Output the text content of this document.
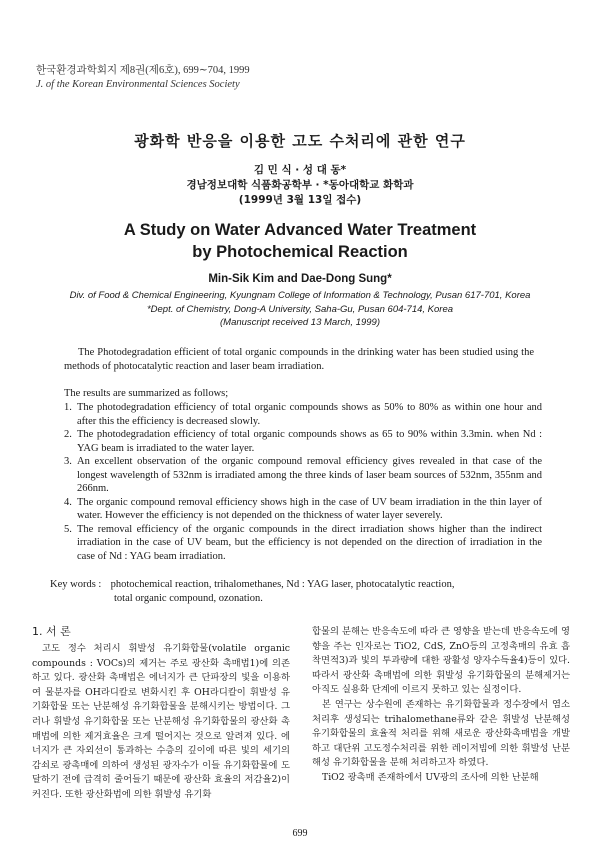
한국환경과학회지 제8권(제6호), 699∼704, 1999
J. of the Korean Environmental Sciences Society
광화학 반응을 이용한 고도 수처리에 관한 연구
김 민 식 · 성 대 동*
경남정보대학 식품화공학부 · *동아대학교 화학과
(1999년 3월 13일 접수)
A Study on Water Advanced Water Treatment
by Photochemical Reaction
Min-Sik Kim and Dae-Dong Sung*
Div. of Food & Chemical Engineering, Kyungnam College of Information & Technology, Pusan 617-701, Korea
*Dept. of Chemistry, Dong-A University, Saha-Gu, Pusan 604-714, Korea
(Manuscript received 13 March, 1999)

The Photodegradation efficient of total organic compounds in the drinking water has been studied using the methods of photocatalytic reaction and laser beam irradiation.

The results are summarized as follows;
1. The photodegradation efficiency of total organic compounds shows as 50% to 80% as within one hour and after this the efficiency is decreased slowly.
2. The photodegradation efficiency of total organic compounds shows as 65 to 90% within 3.3min. when Nd : YAG beam is irradiated to the water layer.
3. An excellent observation of the organic compound removal efficiency gives revealed in that case of the longest wavelength of 532nm is irradiated among the three kinds of laser beam sources of 532nm, 355nm and 266nm.
4. The organic compound removal efficiency shows high in the case of UV beam irradiation in the thin layer of water. However the efficiency is not depended on the thickness of water layer severely.
5. The removal efficiency of the organic compounds in the direct irradiation shows higher than the indirect irradiation in the case of UV beam, but the efficiency is not depended on the direction of irradiation in the case of Nd : YAG beam irradiation.
Key words : photochemical reaction, trihalomethanes, Nd : YAG laser, photocatalytic reaction,
total organic compound, ozonation.
1. 서 론

고도 정수 처리시 휘발성 유기화합물(volatile organic compounds : VOCs)의 제거는 주로 광산화 촉매법1)에 의존하고 있다. 광산화 촉매법은 에너지가 큰 단파장의 빛을 이용하여 물분자를 OH라디칼로 변화시킨 후 OH라디칼이 휘발성 유기화합물 또는 난분해성 유기화합물을 분해시키는 방법이다. 그러나 휘발성 유기화합물 또는 난분해성 유기화합물의 광산화 촉매법에 의한 제거효율은 크게 떨어지는 것으로 알려져 있다. 에너지가 큰 자외선이 통과하는 수층의 깊이에 따른 빛의 세기의 감쇠로 광촉매에 의하여 생성된 광자수가 이들 유기화합물에 도달하기 전에 급격히 줄어들기 때문에 광산화 효율의 저감율2)이 커진다. 또한 광산화법에 의한 휘발성 유기화

합물의 분해는 반응속도에 따라 큰 영향을 받는데 반응속도에 영향을 주는 인자로는 TiO2, CdS, ZnO등의 고정촉매의 유효 흡착면적3)과 빛의 투과량에 대한 광활성 양자수득율4)등이 있다. 따라서 광산화 촉매법에 의한 휘발성 유기화합물의 분해제거는 아직도 실용화 단계에 이르지 못하고 있는 실정이다.

본 연구는 상수원에 존재하는 유기화합물과 정수장에서 염소처리후 생성되는 trihalomethane류와 같은 휘발성 난분해성 유기화합물의 효율적 처리를 위해 새로운 광산화촉매법을 개발하고 대단위 고도정수처리를 위한 레이저빔에 의한 휘발성 난분해성 유기화합물을 분해 처리하고자 하였다.

TiO2 광촉매 존재하에서 UV광의 조사에 의한 난분해

699
